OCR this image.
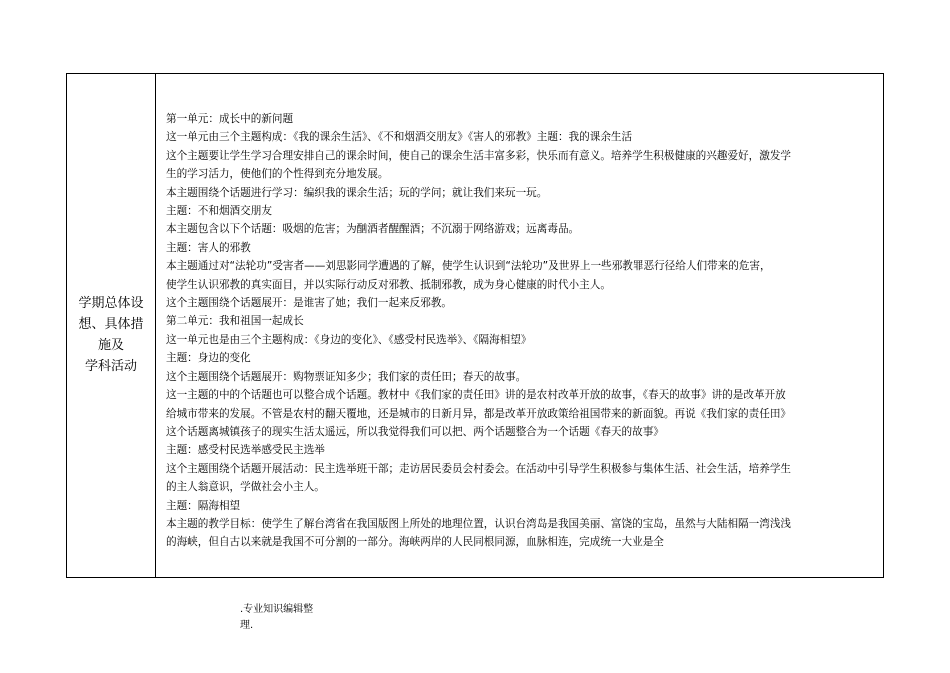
学期总体设
想、具体措
施及
学科活动
第一单元：成长中的新问题
这一单元由三个主题构成：《我的课余生活》、《不和烟酒交朋友》《害人的邪教》主题：我的课余生活
这个主题要让学生学习合理安排自己的课余时间，使自己的课余生活丰富多彩，快乐而有意义。培养学生积极健康的兴趣爱好，激发学
生的学习活力，使他们的个性得到充分地发展。
本主题围绕个话题进行学习：编织我的课余生活；玩的学问；就让我们来玩一玩。
主题：不和烟酒交朋友
本主题包含以下个话题：吸烟的危害；为酗酒者醒醒酒；不沉溺于网络游戏；远离毒品。
主题：害人的邪教
本主题通过对“法轮功”受害者——刘思影同学遭遇的了解，使学生认识到“法轮功”及世界上一些邪教罪恶行径给人们带来的危害，
使学生认识邪教的真实面目，并以实际行动反对邪教、抵制邪教，成为身心健康的时代小主人。
这个主题围绕个话题展开：是谁害了她；我们一起来反邪教。
第二单元：我和祖国一起成长
这一单元也是由三个主题构成：《身边的变化》、《感受村民选举》、《隔海相望》
主题：身边的变化
这个主题围绕个话题展开：购物票证知多少；我们家的责任田；春天的故事。
这一主题的中的个话题也可以整合成个话题。教材中《我们家的责任田》讲的是农村改革开放的故事，《春天的故事》讲的是改革开放
给城市带来的发展。不管是农村的翻天覆地，还是城市的日新月异，都是改革开放政策给祖国带来的新面貌。再说《我们家的责任田》
这个话题离城镇孩子的现实生活太遥远，所以我觉得我们可以把、两个话题整合为一个话题《春天的故事》
主题：感受村民选举感受民主选举
这个主题围绕个话题开展活动：民主选举班干部；走访居民委员会村委会。在活动中引导学生积极参与集体生活、社会生活，培养学生
的主人翁意识，学做社会小主人。
主题：隔海相望
本主题的教学目标：使学生了解台湾省在我国版图上所处的地理位置，认识台湾岛是我国美丽、富饶的宝岛，虽然与大陆相隔一湾浅浅
的海峡，但自古以来就是我国不可分割的一部分。海峡两岸的人民同根同源，血脉相连，完成统一大业是全
.专业知识编辑整
理.
